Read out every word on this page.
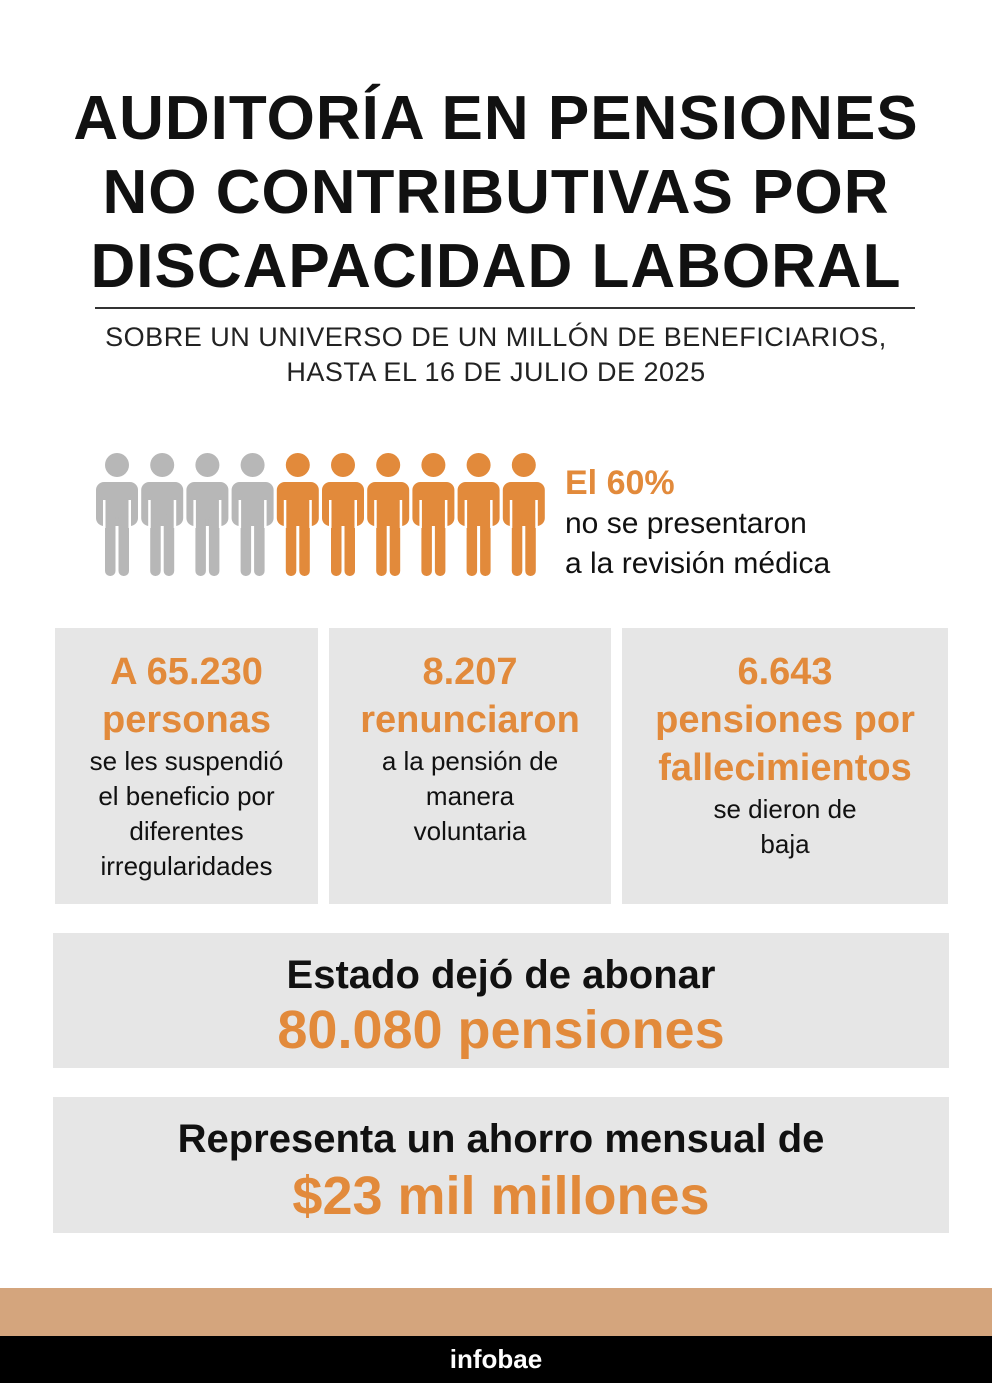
AUDITORÍA EN PENSIONES
NO CONTRIBUTIVAS POR
DISCAPACIDAD LABORAL
SOBRE UN UNIVERSO DE UN MILLÓN DE BENEFICIARIOS,
HASTA EL 16 DE JULIO DE 2025
El 60%
no se presentaron
a la revisión médica
A 65.230
personas
se les suspendió
el beneficio por
diferentes
irregularidades
8.207
renunciaron
a la pensión de
manera
voluntaria
6.643
pensiones por
fallecimientos
se dieron de
baja
Estado dejó de abonar
80.080 pensiones
Representa un ahorro mensual de
$23 mil millones
infobae
